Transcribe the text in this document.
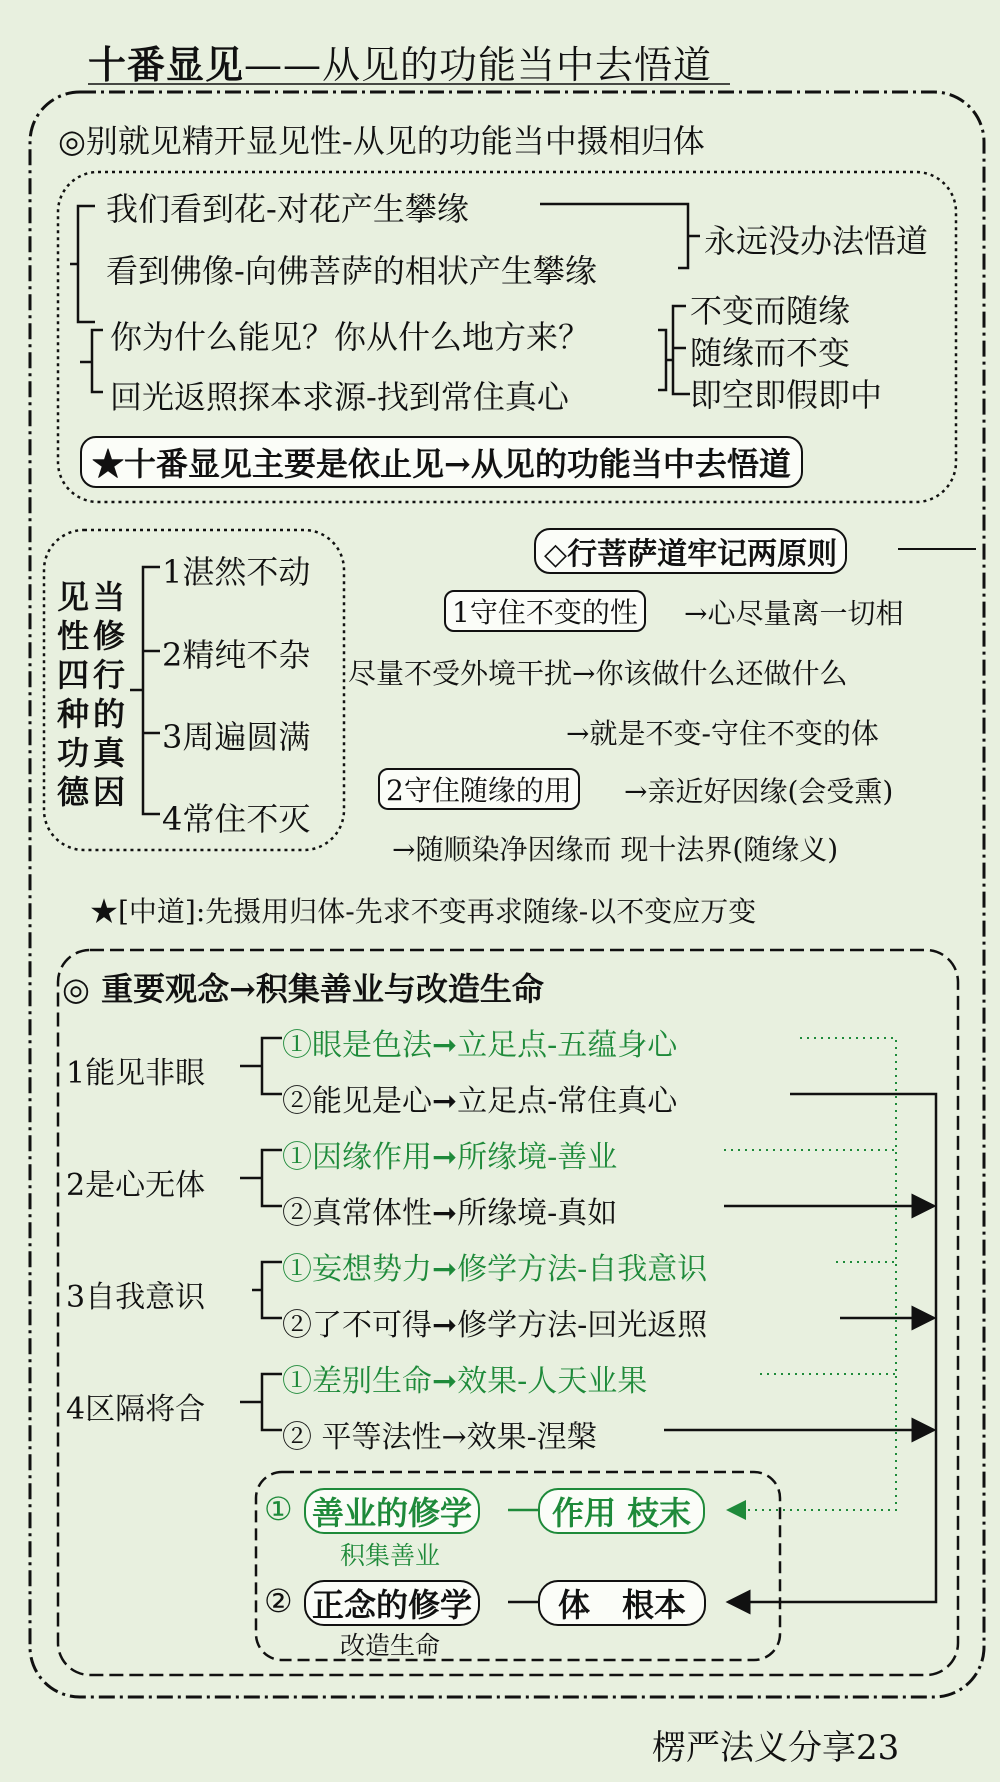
十番显见——从见的功能当中去悟道
◎别就见精开显见性-从见的功能当中摄相归体
我们看到花-对花产生攀缘
看到佛像-向佛菩萨的相状产生攀缘
你为什么能见？你从什么地方来？
回光返照探本求源-找到常住真心
永远没办法悟道
不变而随缘
随缘而不变
即空即假即中
★十番显见主要是依止见→从见的功能当中去悟道
见性四种功德
当修行的真因
1湛然不动
2精纯不杂
3周遍圆满
4常住不灭
◇行菩萨道牢记两原则
1守住不变的性 →心尽量离一切相
尽量不受外境干扰→你该做什么还做什么
→就是不变-守住不变的体
2守住随缘的用 →亲近好因缘(会受熏)
→随顺染净因缘而 现十法界(随缘义)
★[中道]:先摄用归体-先求不变再求随缘-以不变应万变
◎ 重要观念→积集善业与改造生命
1能见非眼
①眼是色法➞立足点-五蕴身心
②能见是心➞立足点-常住真心
2是心无体
①因缘作用➞所缘境-善业
②真常体性➞所缘境-真如
3自我意识
①妄想势力➞修学方法-自我意识
②了不可得➞修学方法-回光返照
4区隔将合
①差别生命➞效果-人天业果
② 平等法性→效果-涅槃
① 善业的修学 作用 枝末
积集善业
② 正念的修学	体　根本
改造生命
楞严法义分享23
